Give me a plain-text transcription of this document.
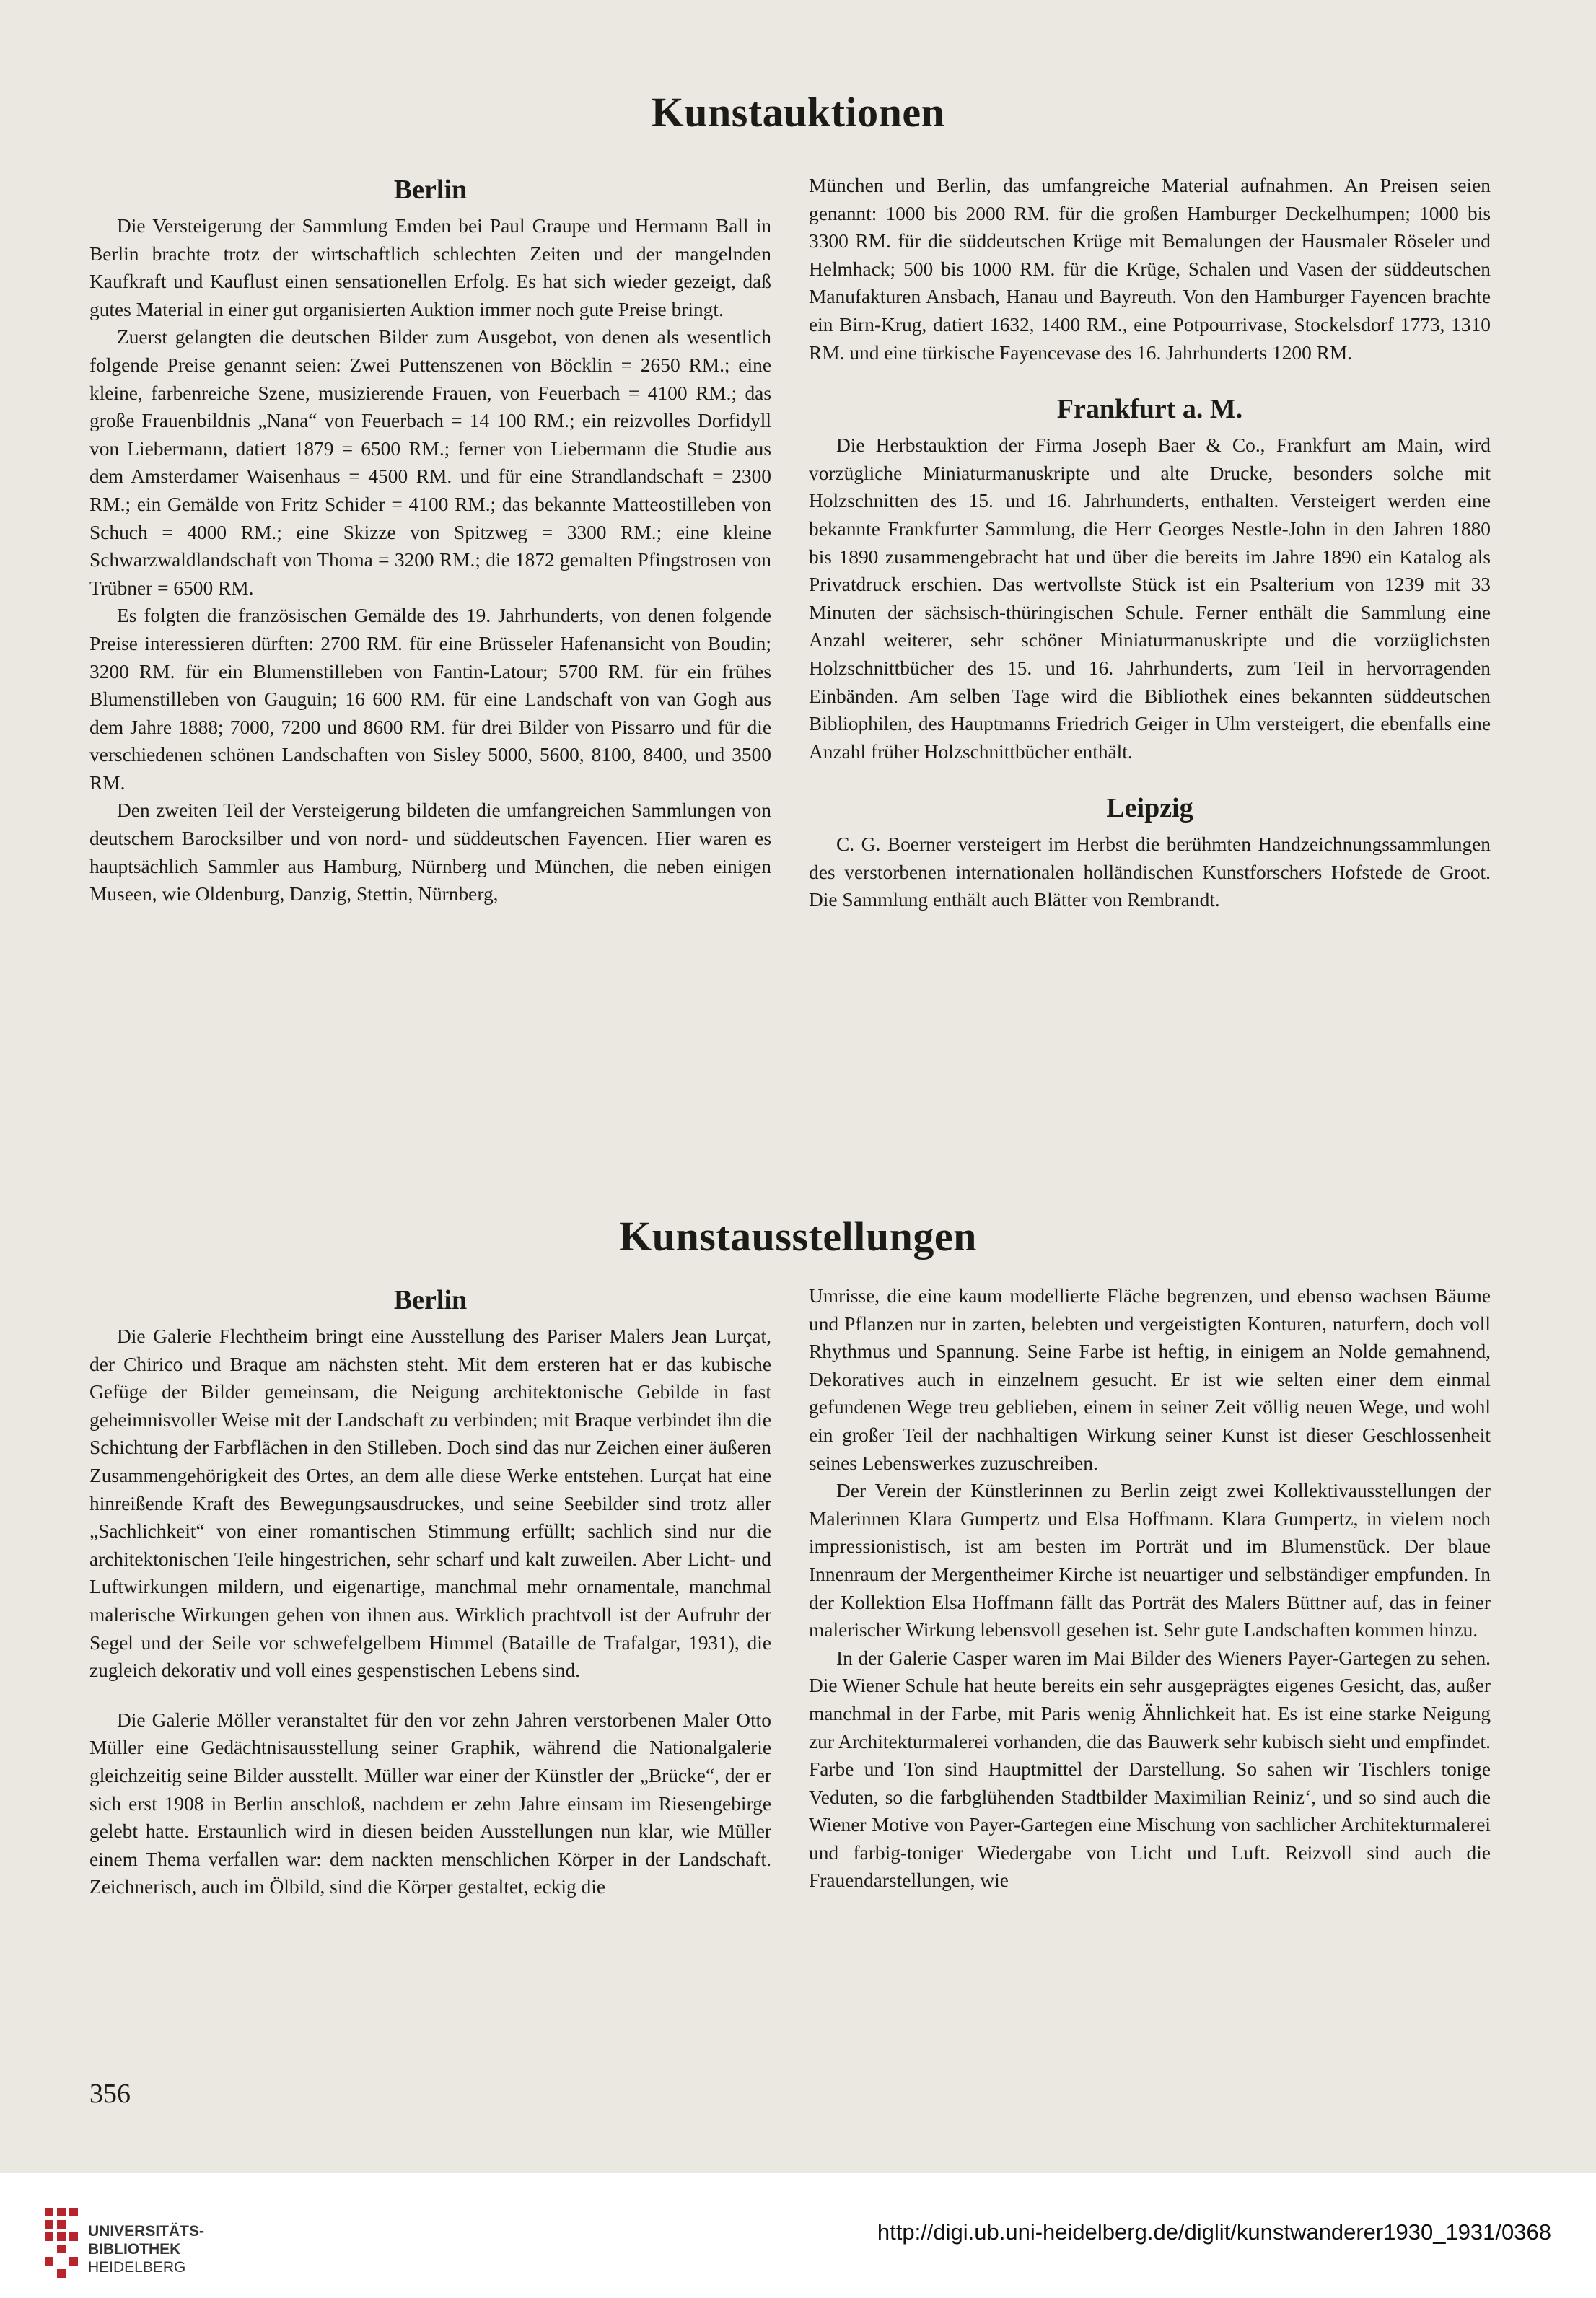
Kunstauktionen
Berlin

Die Versteigerung der Sammlung Emden bei Paul Graupe und Hermann Ball in Berlin brachte trotz der wirtschaftlich schlechten Zeiten und der mangelnden Kaufkraft und Kauflust einen sensationellen Erfolg. Es hat sich wieder gezeigt, daß gutes Material in einer gut organisierten Auktion immer noch gute Preise bringt.

Zuerst gelangten die deutschen Bilder zum Ausgebot, von denen als wesentlich folgende Preise genannt seien: Zwei Puttenszenen von Böcklin = 2650 RM.; eine kleine, farbenreiche Szene, musizierende Frauen, von Feuerbach = 4100 RM.; das große Frauenbildnis „Nana“ von Feuerbach = 14 100 RM.; ein reizvolles Dorfidyll von Liebermann, datiert 1879 = 6500 RM.; ferner von Liebermann die Studie aus dem Amsterdamer Waisenhaus = 4500 RM. und für eine Strandlandschaft = 2300 RM.; ein Gemälde von Fritz Schider = 4100 RM.; das bekannte Matteostilleben von Schuch = 4000 RM.; eine Skizze von Spitzweg = 3300 RM.; eine kleine Schwarzwaldlandschaft von Thoma = 3200 RM.; die 1872 gemalten Pfingstrosen von Trübner = 6500 RM.

Es folgten die französischen Gemälde des 19. Jahrhunderts, von denen folgende Preise interessieren dürften: 2700 RM. für eine Brüsseler Hafenansicht von Boudin; 3200 RM. für ein Blumenstilleben von Fantin-Latour; 5700 RM. für ein frühes Blumenstilleben von Gauguin; 16 600 RM. für eine Landschaft von van Gogh aus dem Jahre 1888; 7000, 7200 und 8600 RM. für drei Bilder von Pissarro und für die verschiedenen schönen Landschaften von Sisley 5000, 5600, 8100, 8400, und 3500 RM.

Den zweiten Teil der Versteigerung bildeten die umfangreichen Sammlungen von deutschem Barocksilber und von nord- und süddeutschen Fayencen. Hier waren es hauptsächlich Sammler aus Hamburg, Nürnberg und München, die neben einigen Museen, wie Oldenburg, Danzig, Stettin, Nürnberg,

München und Berlin, das umfangreiche Material aufnahmen. An Preisen seien genannt: 1000 bis 2000 RM. für die großen Hamburger Deckelhumpen; 1000 bis 3300 RM. für die süddeutschen Krüge mit Bemalungen der Hausmaler Röseler und Helmhack; 500 bis 1000 RM. für die Krüge, Schalen und Vasen der süddeutschen Manufakturen Ansbach, Hanau und Bayreuth. Von den Hamburger Fayencen brachte ein Birn-Krug, datiert 1632, 1400 RM., eine Potpourrivase, Stockelsdorf 1773, 1310 RM. und eine türkische Fayencevase des 16. Jahrhunderts 1200 RM.

Frankfurt a. M.

Die Herbstauktion der Firma Joseph Baer & Co., Frankfurt am Main, wird vorzügliche Miniaturmanuskripte und alte Drucke, besonders solche mit Holzschnitten des 15. und 16. Jahrhunderts, enthalten. Versteigert werden eine bekannte Frankfurter Sammlung, die Herr Georges Nestle-John in den Jahren 1880 bis 1890 zusammengebracht hat und über die bereits im Jahre 1890 ein Katalog als Privatdruck erschien. Das wertvollste Stück ist ein Psalterium von 1239 mit 33 Minuten der sächsisch-thüringischen Schule. Ferner enthält die Sammlung eine Anzahl weiterer, sehr schöner Miniaturmanuskripte und die vorzüglichsten Holzschnittbücher des 15. und 16. Jahrhunderts, zum Teil in hervorragenden Einbänden. Am selben Tage wird die Bibliothek eines bekannten süddeutschen Bibliophilen, des Hauptmanns Friedrich Geiger in Ulm versteigert, die ebenfalls eine Anzahl früher Holzschnittbücher enthält.

Leipzig

C. G. Boerner versteigert im Herbst die berühmten Handzeichnungssammlungen des verstorbenen internationalen holländischen Kunstforschers Hofstede de Groot. Die Sammlung enthält auch Blätter von Rembrandt.

Kunstausstellungen
Berlin

Die Galerie Flechtheim bringt eine Ausstellung des Pariser Malers Jean Lurçat, der Chirico und Braque am nächsten steht. Mit dem ersteren hat er das kubische Gefüge der Bilder gemeinsam, die Neigung architektonische Gebilde in fast geheimnisvoller Weise mit der Landschaft zu verbinden; mit Braque verbindet ihn die Schichtung der Farbflächen in den Stilleben. Doch sind das nur Zeichen einer äußeren Zusammengehörigkeit des Ortes, an dem alle diese Werke entstehen. Lurçat hat eine hinreißende Kraft des Bewegungsausdruckes, und seine Seebilder sind trotz aller „Sachlichkeit“ von einer romantischen Stimmung erfüllt; sachlich sind nur die architektonischen Teile hingestrichen, sehr scharf und kalt zuweilen. Aber Licht- und Luftwirkungen mildern, und eigenartige, manchmal mehr ornamentale, manchmal malerische Wirkungen gehen von ihnen aus. Wirklich prachtvoll ist der Aufruhr der Segel und der Seile vor schwefelgelbem Himmel (Bataille de Trafalgar, 1931), die zugleich dekorativ und voll eines gespenstischen Lebens sind.

Die Galerie Möller veranstaltet für den vor zehn Jahren verstorbenen Maler Otto Müller eine Gedächtnisausstellung seiner Graphik, während die Nationalgalerie gleichzeitig seine Bilder ausstellt. Müller war einer der Künstler der „Brücke“, der er sich erst 1908 in Berlin anschloß, nachdem er zehn Jahre einsam im Riesengebirge gelebt hatte. Erstaunlich wird in diesen beiden Ausstellungen nun klar, wie Müller einem Thema verfallen war: dem nackten menschlichen Körper in der Landschaft. Zeichnerisch, auch im Ölbild, sind die Körper gestaltet, eckig die

Umrisse, die eine kaum modellierte Fläche begrenzen, und ebenso wachsen Bäume und Pflanzen nur in zarten, belebten und vergeistigten Konturen, naturfern, doch voll Rhythmus und Spannung. Seine Farbe ist heftig, in einigem an Nolde gemahnend, Dekoratives auch in einzelnem gesucht. Er ist wie selten einer dem einmal gefundenen Wege treu geblieben, einem in seiner Zeit völlig neuen Wege, und wohl ein großer Teil der nachhaltigen Wirkung seiner Kunst ist dieser Geschlossenheit seines Lebenswerkes zuzuschreiben.

Der Verein der Künstlerinnen zu Berlin zeigt zwei Kollektivausstellungen der Malerinnen Klara Gumpertz und Elsa Hoffmann. Klara Gumpertz, in vielem noch impressionistisch, ist am besten im Porträt und im Blumenstück. Der blaue Innenraum der Mergentheimer Kirche ist neuartiger und selbständiger empfunden. In der Kollektion Elsa Hoffmann fällt das Porträt des Malers Büttner auf, das in feiner malerischer Wirkung lebensvoll gesehen ist. Sehr gute Landschaften kommen hinzu.

In der Galerie Casper waren im Mai Bilder des Wieners Payer-Gartegen zu sehen. Die Wiener Schule hat heute bereits ein sehr ausgeprägtes eigenes Gesicht, das, außer manchmal in der Farbe, mit Paris wenig Ähnlichkeit hat. Es ist eine starke Neigung zur Architekturmalerei vorhanden, die das Bauwerk sehr kubisch sieht und empfindet. Farbe und Ton sind Hauptmittel der Darstellung. So sahen wir Tischlers tonige Veduten, so die farbglühenden Stadtbilder Maximilian Reiniz‘, und so sind auch die Wiener Motive von Payer-Gartegen eine Mischung von sachlicher Architekturmalerei und farbig-toniger Wiedergabe von Licht und Luft. Reizvoll sind auch die Frauendarstellungen, wie

356

UNIVERSITÄTS-
BIBLIOTHEK
HEIDELBERG
http://digi.ub.uni-heidelberg.de/diglit/kunstwanderer1930_1931/0368
